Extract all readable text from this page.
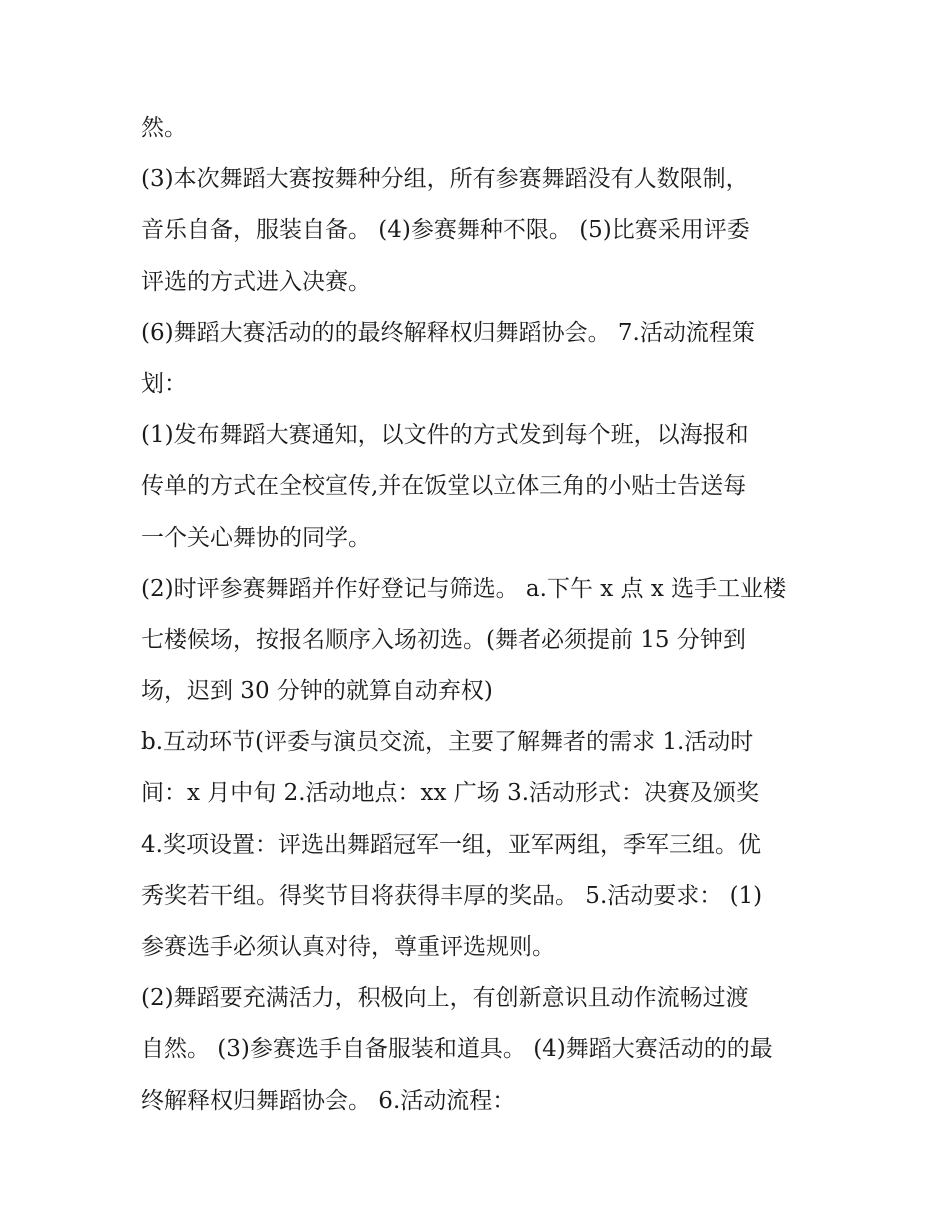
然。
(3)本次舞蹈大赛按舞种分组，所有参赛舞蹈没有人数限制，
音乐自备，服装自备。 (4)参赛舞种不限。 (5)比赛采用评委
评选的方式进入决赛。
(6)舞蹈大赛活动的的最终解释权归舞蹈协会。 7.活动流程策
划：
(1)发布舞蹈大赛通知，以文件的方式发到每个班，以海报和
传单的方式在全校宣传,并在饭堂以立体三角的小贴士告送每
一个关心舞协的同学。
(2)时评参赛舞蹈并作好登记与筛选。 a.下午 x 点 x 选手工业楼
七楼候场，按报名顺序入场初选。(舞者必须提前 15 分钟到
场，迟到 30 分钟的就算自动弃权)
b.互动环节(评委与演员交流，主要了解舞者的需求 1.活动时
间：x 月中旬 2.活动地点：xx 广场 3.活动形式：决赛及颁奖
4.奖项设置：评选出舞蹈冠军一组，亚军两组，季军三组。优
秀奖若干组。得奖节目将获得丰厚的奖品。 5.活动要求： (1)
参赛选手必须认真对待，尊重评选规则。
(2)舞蹈要充满活力，积极向上，有创新意识且动作流畅过渡
自然。 (3)参赛选手自备服装和道具。 (4)舞蹈大赛活动的的最
终解释权归舞蹈协会。 6.活动流程：
